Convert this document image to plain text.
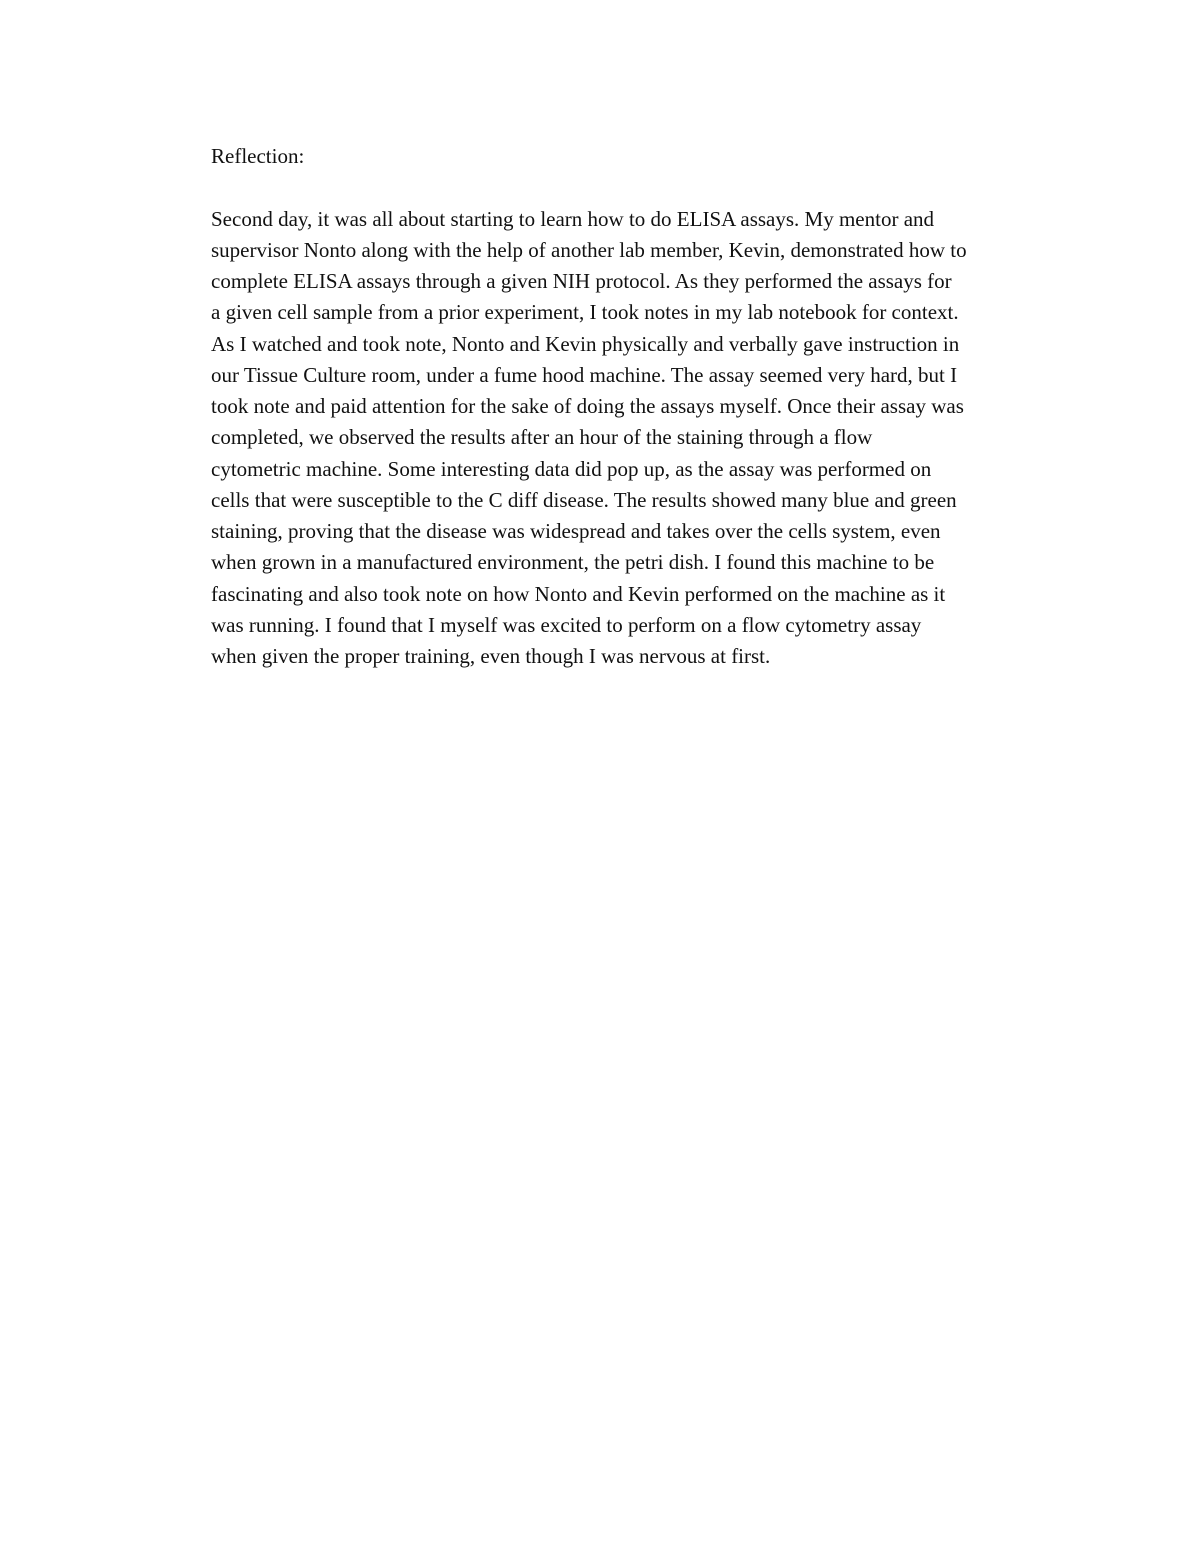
Reflection:

Second day, it was all about starting to learn how to do ELISA assays. My mentor and
supervisor Nonto along with the help of another lab member, Kevin, demonstrated how to
complete ELISA assays through a given NIH protocol. As they performed the assays for
a given cell sample from a prior experiment, I took notes in my lab notebook for context.
As I watched and took note, Nonto and Kevin physically and verbally gave instruction in
our Tissue Culture room, under a fume hood machine. The assay seemed very hard, but I
took note and paid attention for the sake of doing the assays myself. Once their assay was
completed, we observed the results after an hour of the staining through a flow
cytometric machine. Some interesting data did pop up, as the assay was performed on
cells that were susceptible to the C diff disease. The results showed many blue and green
staining, proving that the disease was widespread and takes over the cells system, even
when grown in a manufactured environment, the petri dish. I found this machine to be
fascinating and also took note on how Nonto and Kevin performed on the machine as it
was running. I found that I myself was excited to perform on a flow cytometry assay
when given the proper training, even though I was nervous at first.
